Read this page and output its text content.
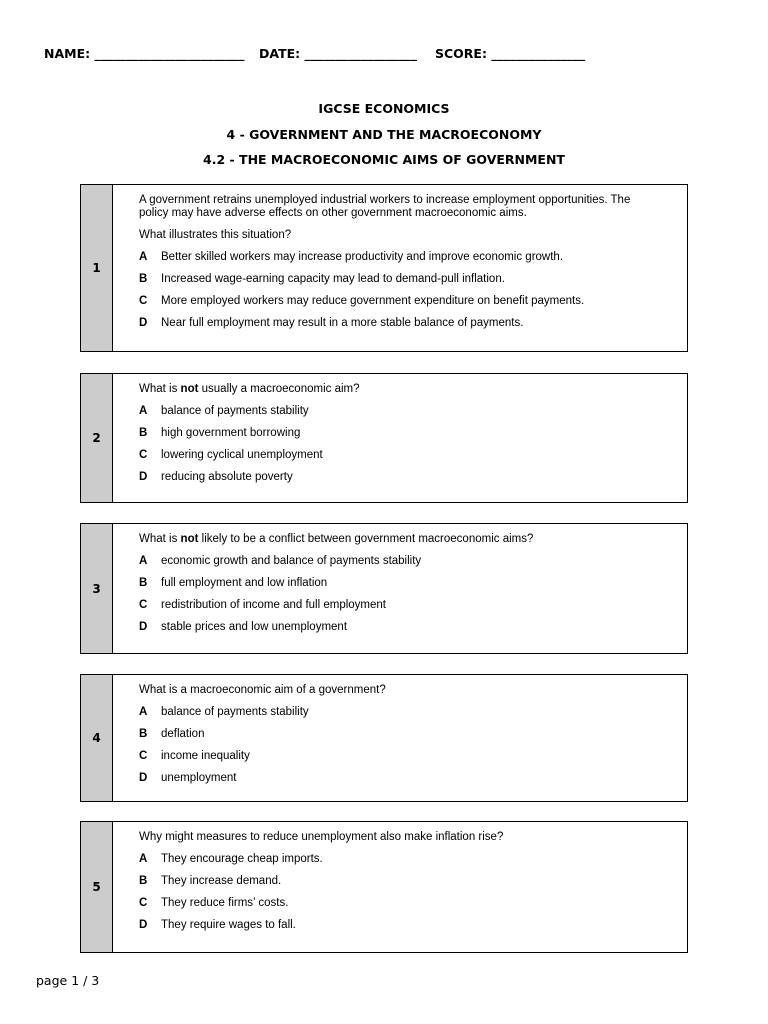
NAME: ________________________ DATE: __________________ SCORE: _______________
IGCSE ECONOMICS
4 - GOVERNMENT AND THE MACROECONOMY
4.2 - THE MACROECONOMIC AIMS OF GOVERNMENT
1
A government retrains unemployed industrial workers to increase employment opportunities. The policy may have adverse effects on other government macroeconomic aims.
What illustrates this situation?
A Better skilled workers may increase productivity and improve economic growth.
B Increased wage-earning capacity may lead to demand-pull inflation.
C More employed workers may reduce government expenditure on benefit payments.
D Near full employment may result in a more stable balance of payments.
2
What is not usually a macroeconomic aim?
A balance of payments stability
B high government borrowing
C lowering cyclical unemployment
D reducing absolute poverty
3
What is not likely to be a conflict between government macroeconomic aims?
A economic growth and balance of payments stability
B full employment and low inflation
C redistribution of income and full employment
D stable prices and low unemployment
4
What is a macroeconomic aim of a government?
A balance of payments stability
B deflation
C income inequality
D unemployment
5
Why might measures to reduce unemployment also make inflation rise?
A They encourage cheap imports.
B They increase demand.
C They reduce firms’ costs.
D They require wages to fall.
page 1 / 3
